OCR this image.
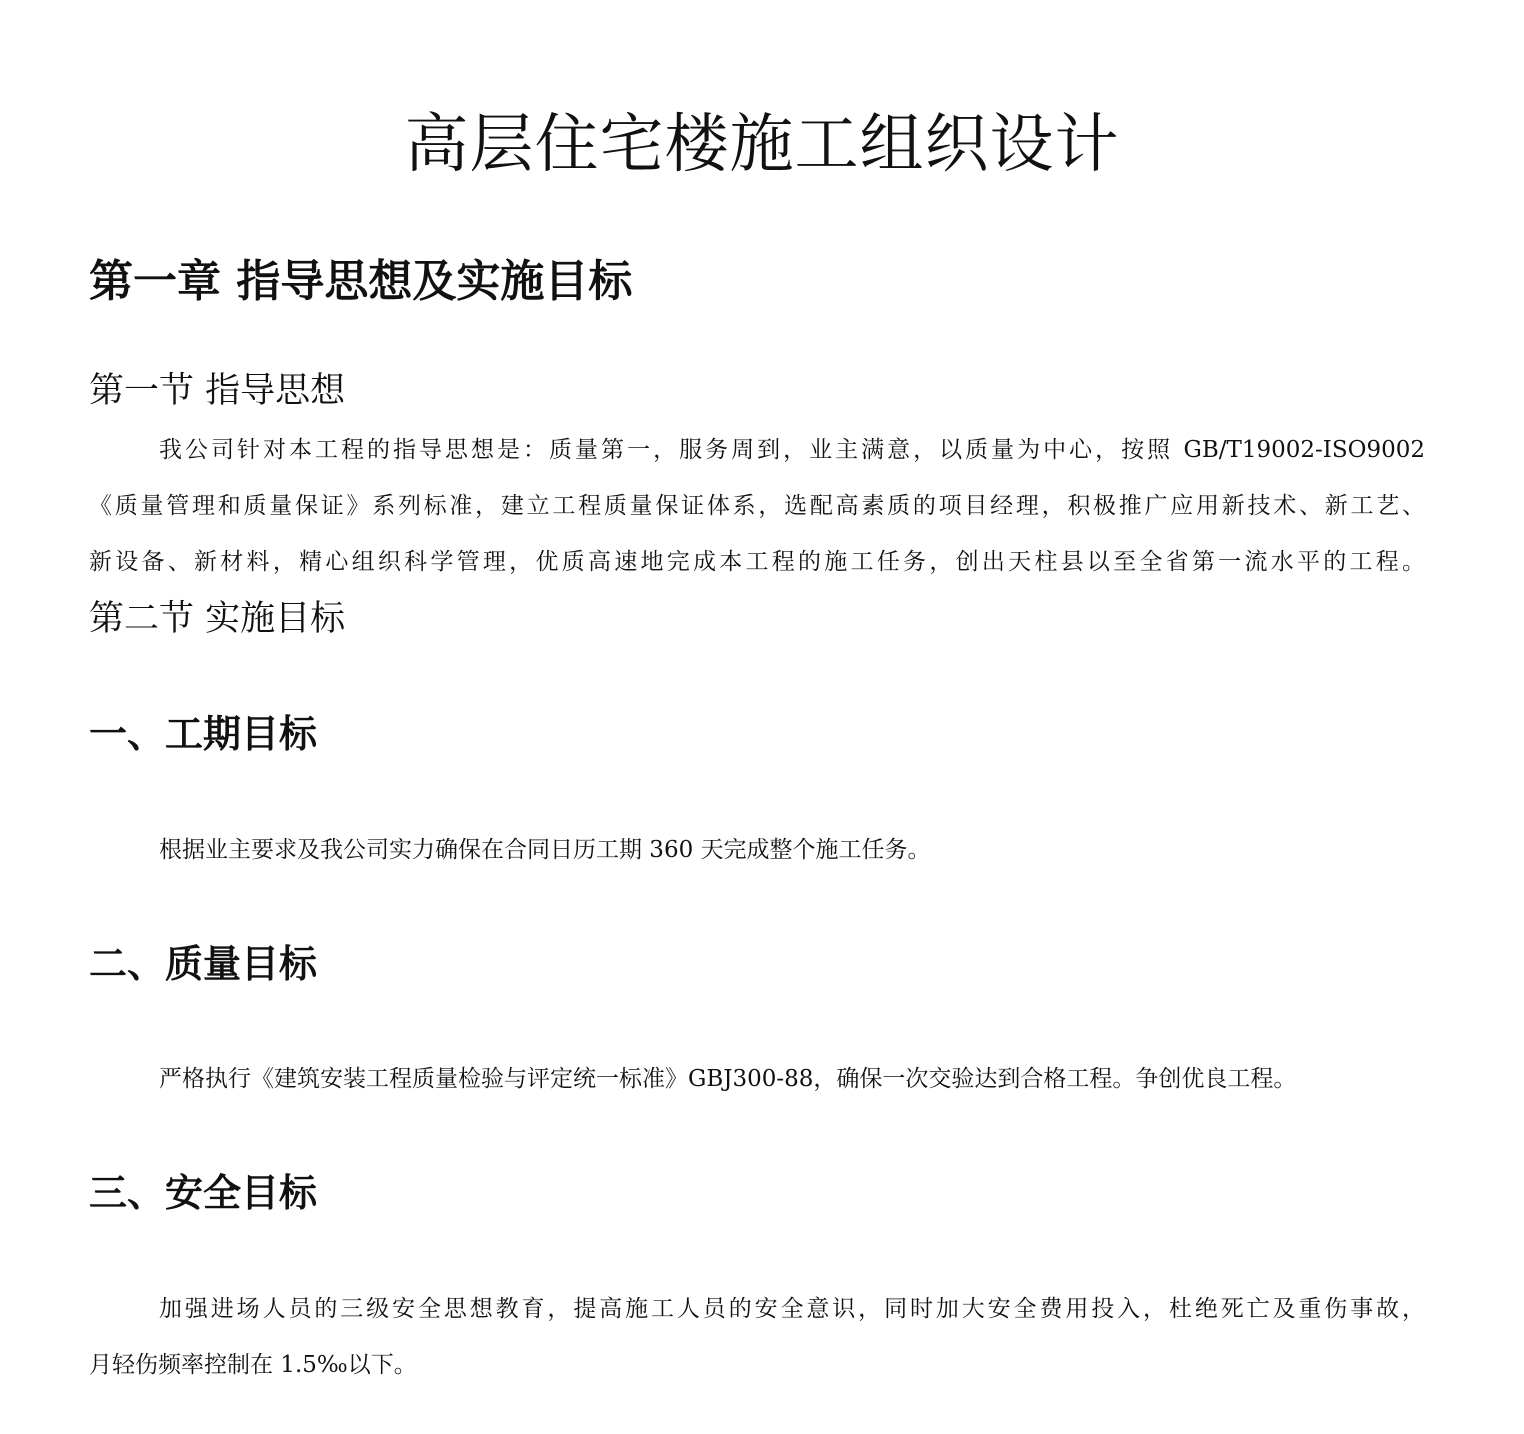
高层住宅楼施工组织设计
第一章 指导思想及实施目标
第一节 指导思想
我公司针对本工程的指导思想是：质量第一，服务周到，业主满意，以质量为中心，按照 GB/T19002-ISO9002
《质量管理和质量保证》系列标准，建立工程质量保证体系，选配高素质的项目经理，积极推广应用新技术、新工艺、
新设备、新材料，精心组织科学管理，优质高速地完成本工程的施工任务，创出天柱县以至全省第一流水平的工程。
第二节 实施目标
一、工期目标
根据业主要求及我公司实力确保在合同日历工期 360 天完成整个施工任务。
二、质量目标
严格执行《建筑安装工程质量检验与评定统一标准》GBJ300-88，确保一次交验达到合格工程。争创优良工程。
三、安全目标
加强进场人员的三级安全思想教育，提高施工人员的安全意识，同时加大安全费用投入，杜绝死亡及重伤事故，
月轻伤频率控制在 1.5‰以下。
